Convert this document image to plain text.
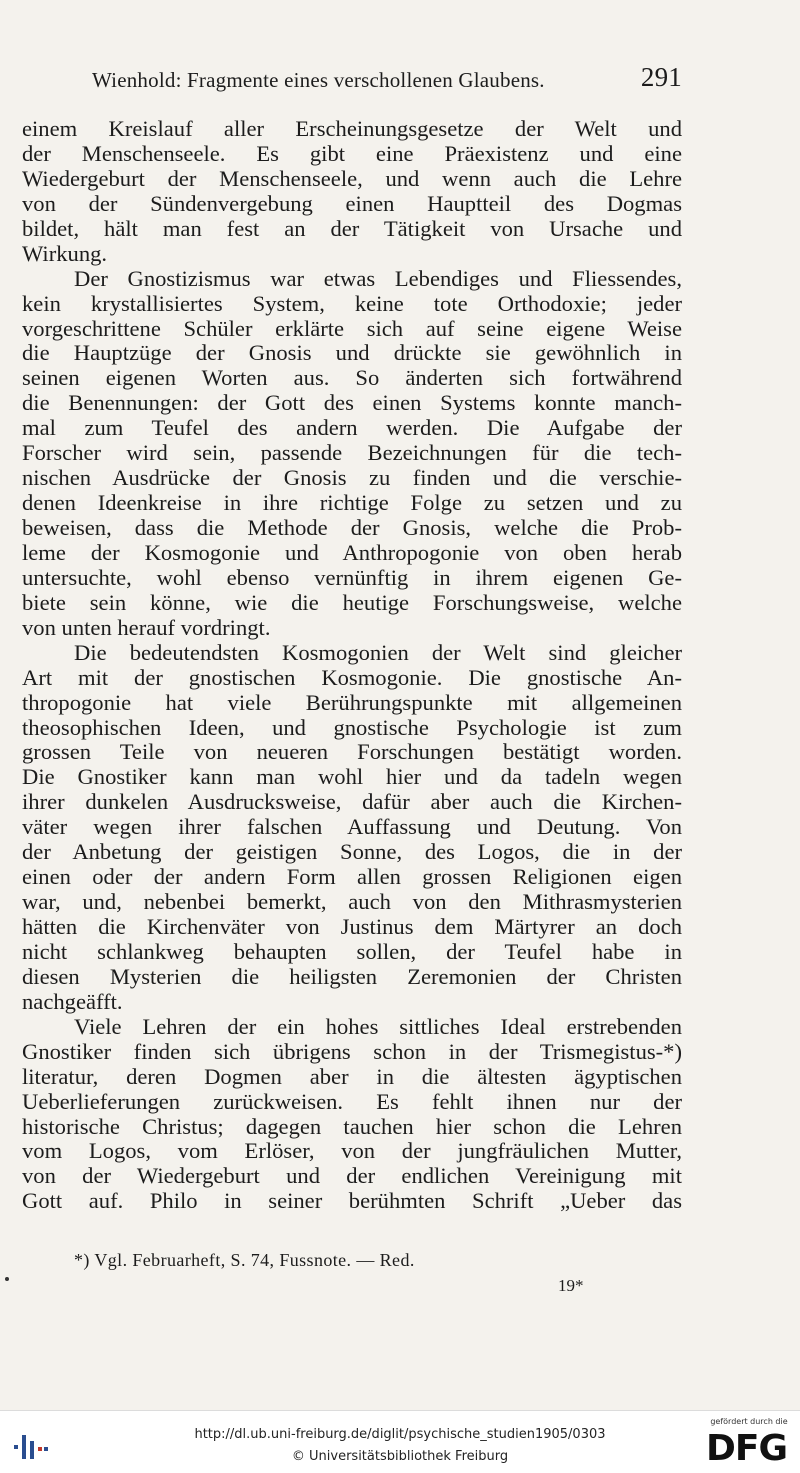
Wienhold: Fragmente eines verschollenen Glaubens.	291
einem Kreislauf aller Erscheinungsgesetze der Welt und
der Menschenseele. Es gibt eine Präexistenz und eine
Wiedergeburt der Menschenseele, und wenn auch die Lehre
von der Sündenvergebung einen Hauptteil des Dogmas
bildet, hält man fest an der Tätigkeit von Ursache und
Wirkung.
Der Gnostizismus war etwas Lebendiges und Fliessendes,
kein krystallisiertes System, keine tote Orthodoxie; jeder
vorgeschrittene Schüler erklärte sich auf seine eigene Weise
die Hauptzüge der Gnosis und drückte sie gewöhnlich in
seinen eigenen Worten aus. So änderten sich fortwährend
die Benennungen: der Gott des einen Systems konnte manch-
mal zum Teufel des andern werden. Die Aufgabe der
Forscher wird sein, passende Bezeichnungen für die tech-
nischen Ausdrücke der Gnosis zu finden und die verschie-
denen Ideenkreise in ihre richtige Folge zu setzen und zu
beweisen, dass die Methode der Gnosis, welche die Prob-
leme der Kosmogonie und Anthropogonie von oben herab
untersuchte, wohl ebenso vernünftig in ihrem eigenen Ge-
biete sein könne, wie die heutige Forschungsweise, welche
von unten herauf vordringt.
Die bedeutendsten Kosmogonien der Welt sind gleicher
Art mit der gnostischen Kosmogonie. Die gnostische An-
thropogonie hat viele Berührungspunkte mit allgemeinen
theosophischen Ideen, und gnostische Psychologie ist zum
grossen Teile von neueren Forschungen bestätigt worden.
Die Gnostiker kann man wohl hier und da tadeln wegen
ihrer dunkelen Ausdrucksweise, dafür aber auch die Kirchen-
väter wegen ihrer falschen Auffassung und Deutung. Von
der Anbetung der geistigen Sonne, des Logos, die in der
einen oder der andern Form allen grossen Religionen eigen
war, und, nebenbei bemerkt, auch von den Mithrasmysterien
hätten die Kirchenväter von Justinus dem Märtyrer an doch
nicht schlankweg behaupten sollen, der Teufel habe in
diesen Mysterien die heiligsten Zeremonien der Christen
nachgeäfft.
Viele Lehren der ein hohes sittliches Ideal erstrebenden
Gnostiker finden sich übrigens schon in der Trismegistus-*)
literatur, deren Dogmen aber in die ältesten ägyptischen
Ueberlieferungen zurückweisen. Es fehlt ihnen nur der
historische Christus; dagegen tauchen hier schon die Lehren
vom Logos, vom Erlöser, von der jungfräulichen Mutter,
von der Wiedergeburt und der endlichen Vereinigung mit
Gott auf. Philo in seiner berühmten Schrift „Ueber das
*) Vgl. Februarheft, S. 74, Fussnote. — Red.
19*
http://dl.ub.uni-freiburg.de/diglit/psychische_studien1905/0303
© Universitätsbibliothek Freiburg
gefördert durch die
DFG
